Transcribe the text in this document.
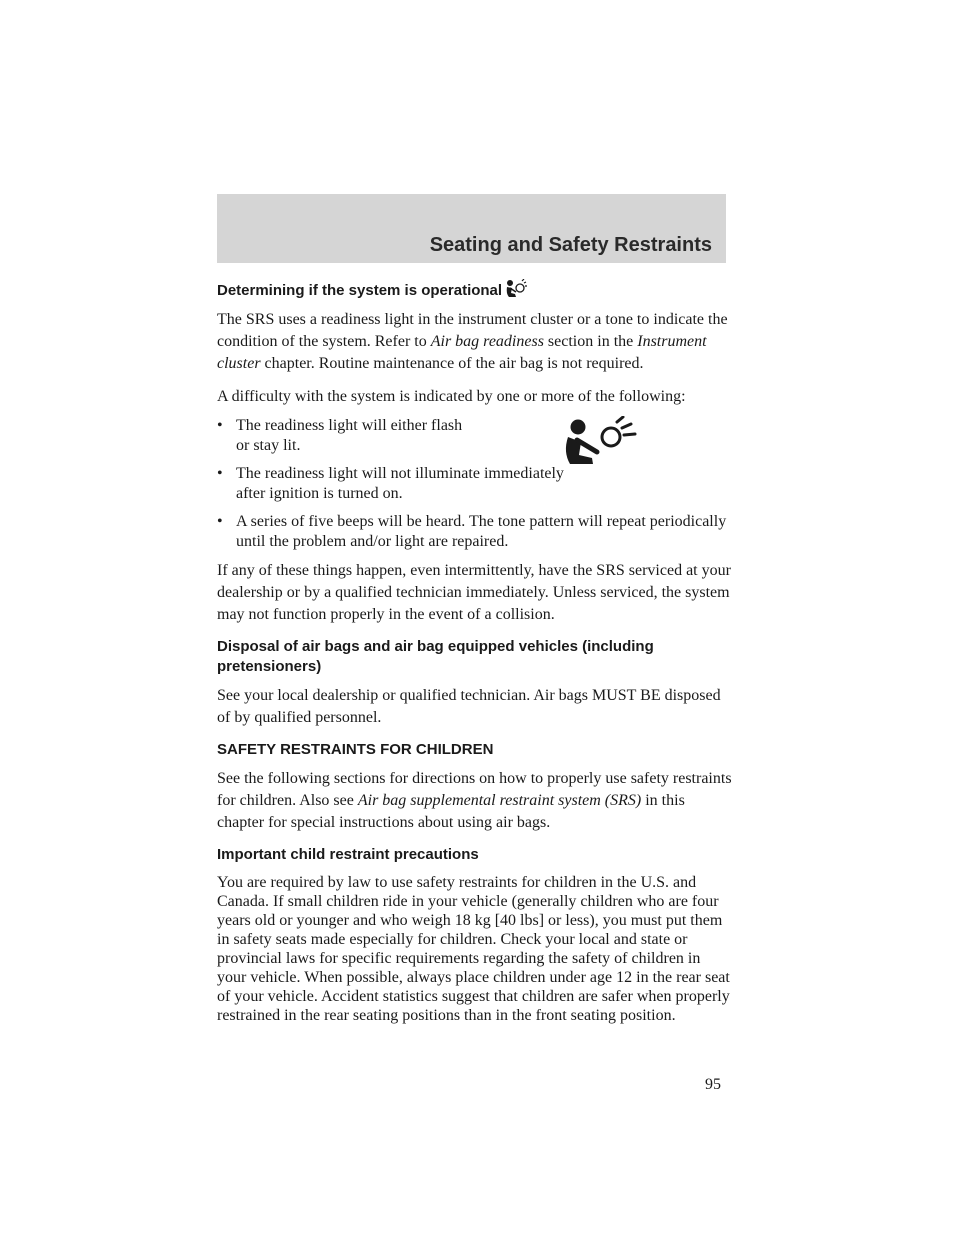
Seating and Safety Restraints
Determining if the system is operational

The SRS uses a readiness light in the instrument cluster or a tone to indicate the condition of the system. Refer to Air bag readiness section in the Instrument cluster chapter. Routine maintenance of the air bag is not required.

A difficulty with the system is indicated by one or more of the following:

• The readiness light will either flash or stay lit.
• The readiness light will not illuminate immediately after ignition is turned on.
• A series of five beeps will be heard. The tone pattern will repeat periodically until the problem and/or light are repaired.

If any of these things happen, even intermittently, have the SRS serviced at your dealership or by a qualified technician immediately. Unless serviced, the system may not function properly in the event of a collision.

Disposal of air bags and air bag equipped vehicles (including pretensioners)

See your local dealership or qualified technician. Air bags MUST BE disposed of by qualified personnel.

SAFETY RESTRAINTS FOR CHILDREN

See the following sections for directions on how to properly use safety restraints for children. Also see Air bag supplemental restraint system (SRS) in this chapter for special instructions about using air bags.

Important child restraint precautions

You are required by law to use safety restraints for children in the U.S. and Canada. If small children ride in your vehicle (generally children who are four years old or younger and who weigh 18 kg [40 lbs] or less), you must put them in safety seats made especially for children. Check your local and state or provincial laws for specific requirements regarding the safety of children in your vehicle. When possible, always place children under age 12 in the rear seat of your vehicle. Accident statistics suggest that children are safer when properly restrained in the rear seating positions than in the front seating position.

95
